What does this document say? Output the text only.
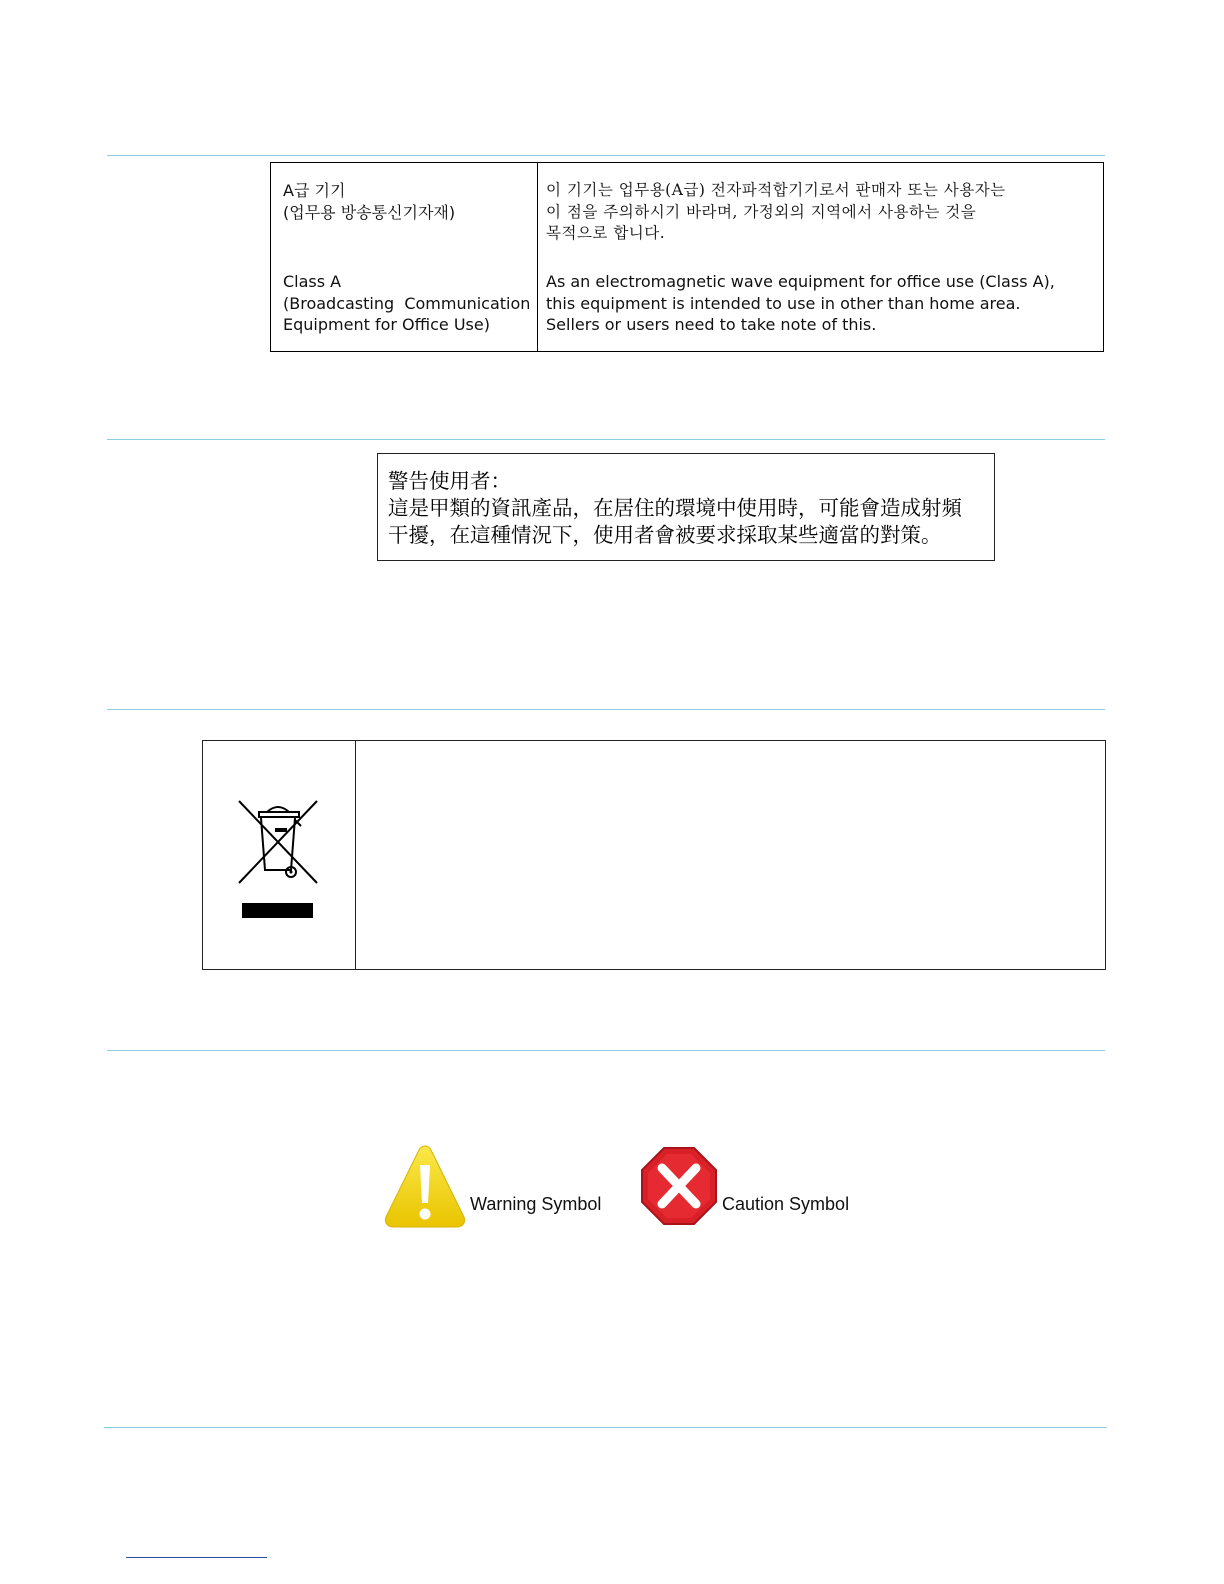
A급 기기
(업무용 방송통신기자재)
Class A
(Broadcasting  Communication
Equipment for Office Use)
이 기기는 업무용(A급) 전자파적합기기로서 판매자 또는 사용자는
이 점을 주의하시기 바라며, 가정외의 지역에서 사용하는 것을
목적으로 합니다.
As an electromagnetic wave equipment for office use (Class A),
this equipment is intended to use in other than home area.
Sellers or users need to take note of this.
警告使用者：
這是甲類的資訊產品，在居住的環境中使用時，可能會造成射頻
干擾，在這種情況下，使用者會被要求採取某些適當的對策。
Warning Symbol	Caution Symbol
